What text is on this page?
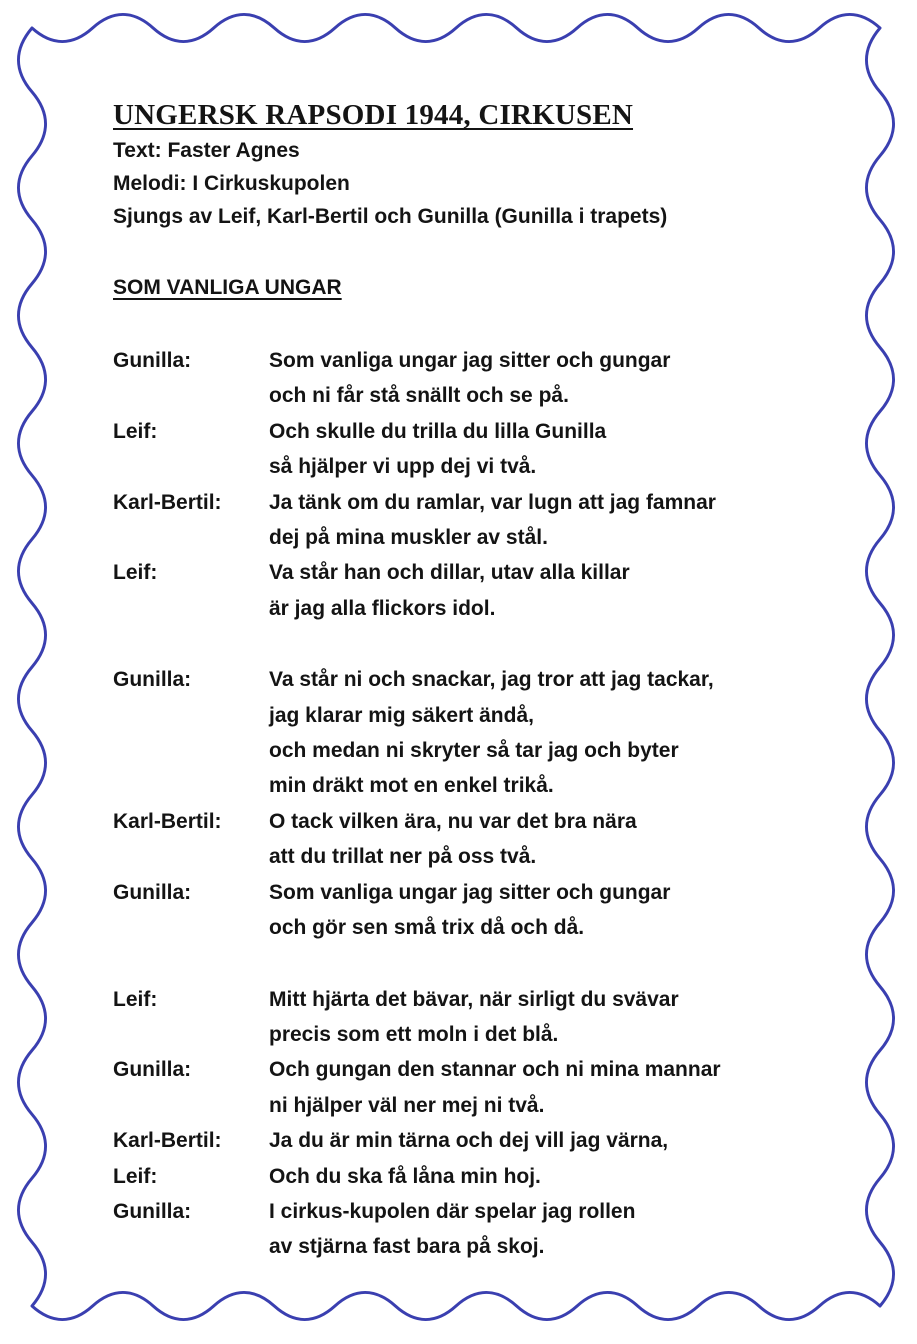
UNGERSK RAPSODI 1944, CIRKUSEN
Text: Faster Agnes
Melodi: I Cirkuskupolen
Sjungs av Leif, Karl-Bertil och Gunilla (Gunilla i trapets)
SOM VANLIGA UNGAR
Gunilla:	Som vanliga ungar jag sitter och gungar
och ni får stå snällt och se på.
Leif:	Och skulle du trilla du lilla Gunilla
så hjälper vi upp dej vi två.
Karl-Bertil:	Ja tänk om du ramlar, var lugn att jag famnar
dej på mina muskler av stål.
Leif:	Va står han och dillar, utav alla killar
är jag alla flickors idol.
Gunilla:	Va står ni och snackar, jag tror att jag tackar,
jag klarar mig säkert ändå,
och medan ni skryter så tar jag och byter
min dräkt mot en enkel trikå.
Karl-Bertil:	O tack vilken ära, nu var det bra nära
att du trillat ner på oss två.
Gunilla:	Som vanliga ungar jag sitter och gungar
och gör sen små trix då och då.
Leif:	Mitt hjärta det bävar, när sirligt du svävar
precis som ett moln i det blå.
Gunilla:	Och gungan den stannar och ni mina mannar
ni hjälper väl ner mej ni två.
Karl-Bertil:	Ja du är min tärna och dej vill jag värna,
Leif:	Och du ska få låna min hoj.
Gunilla:	I cirkus-kupolen där spelar jag rollen
av stjärna fast bara på skoj.
